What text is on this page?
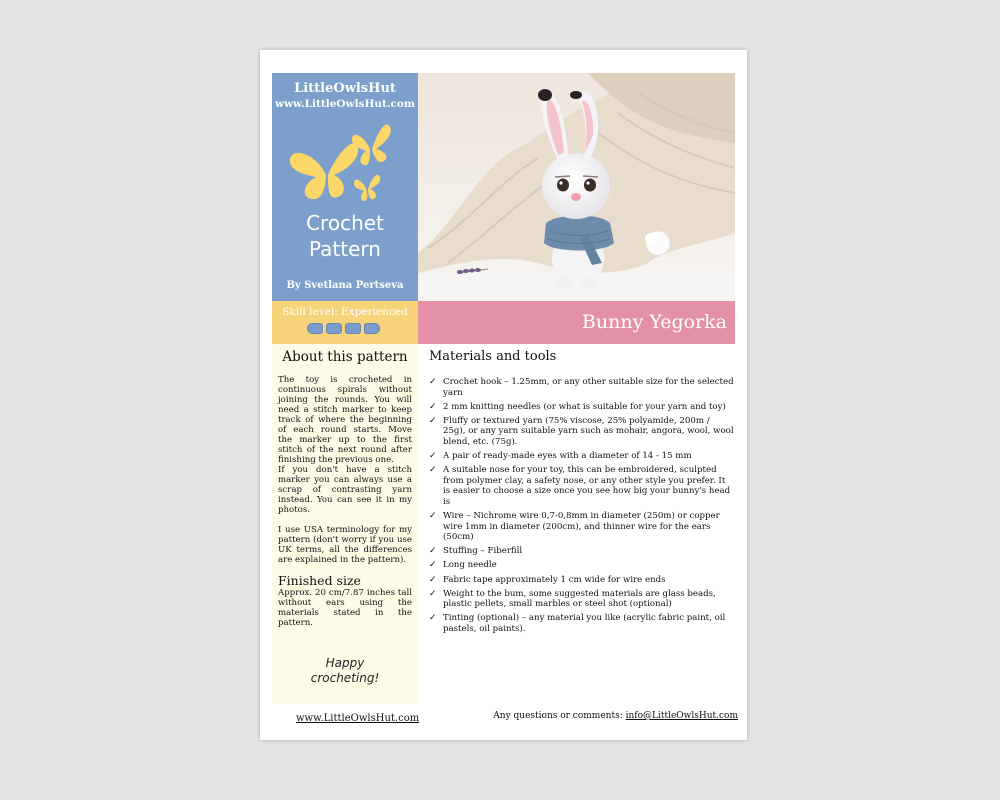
LittleOwlsHut
www.LittleOwlsHut.com
Crochet
Pattern
By Svetlana Pertseva
Skill level: Experienced	Bunny Yegorka
About this pattern

The toy is crocheted in continuous spirals without joining the rounds. You will need a stitch marker to keep track of where the beginning of each round starts. Move the marker up to the first stitch of the next round after finishing the previous one.

If you don't have a stitch marker you can always use a scrap of contrasting yarn instead. You can see it in my photos.

I use USA terminology for my pattern (don't worry if you use UK terms, all the differences are explained in the pattern).

Finished size

Approx. 20 cm/7.87 inches tall without ears using the materials stated in the pattern.

Happy
crocheting!
Materials and tools
✓ Crochet hook – 1.25mm, or any other suitable size for the selected yarn
✓ 2 mm knitting needles (or what is suitable for your yarn and toy)
✓ Fluffy or textured yarn (75% viscose, 25% polyamide, 200m / 25g), or any yarn suitable yarn such as mohair, angora, wool, wool blend, etc. (75g).
✓ A pair of ready-made eyes with a diameter of 14 - 15 mm
✓ A suitable nose for your toy, this can be embroidered, sculpted from polymer clay, a safety nose, or any other style you prefer. It is easier to choose a size once you see how big your bunny's head is
✓ Wire – Nichrome wire 0,7-0,8mm in diameter (250m) or copper wire 1mm in diameter (200cm), and thinner wire for the ears (50cm)
✓ Stuffing – Fiberfill
✓ Long needle
✓ Fabric tape approximately 1 cm wide for wire ends
✓ Weight to the bum, some suggested materials are glass beads, plastic pellets, small marbles or steel shot (optional)
✓ Tinting (optional) – any material you like (acrylic fabric paint, oil pastels, oil paints).
www.LittleOwlsHut.com	Any questions or comments: info@LittleOwlsHut.com
